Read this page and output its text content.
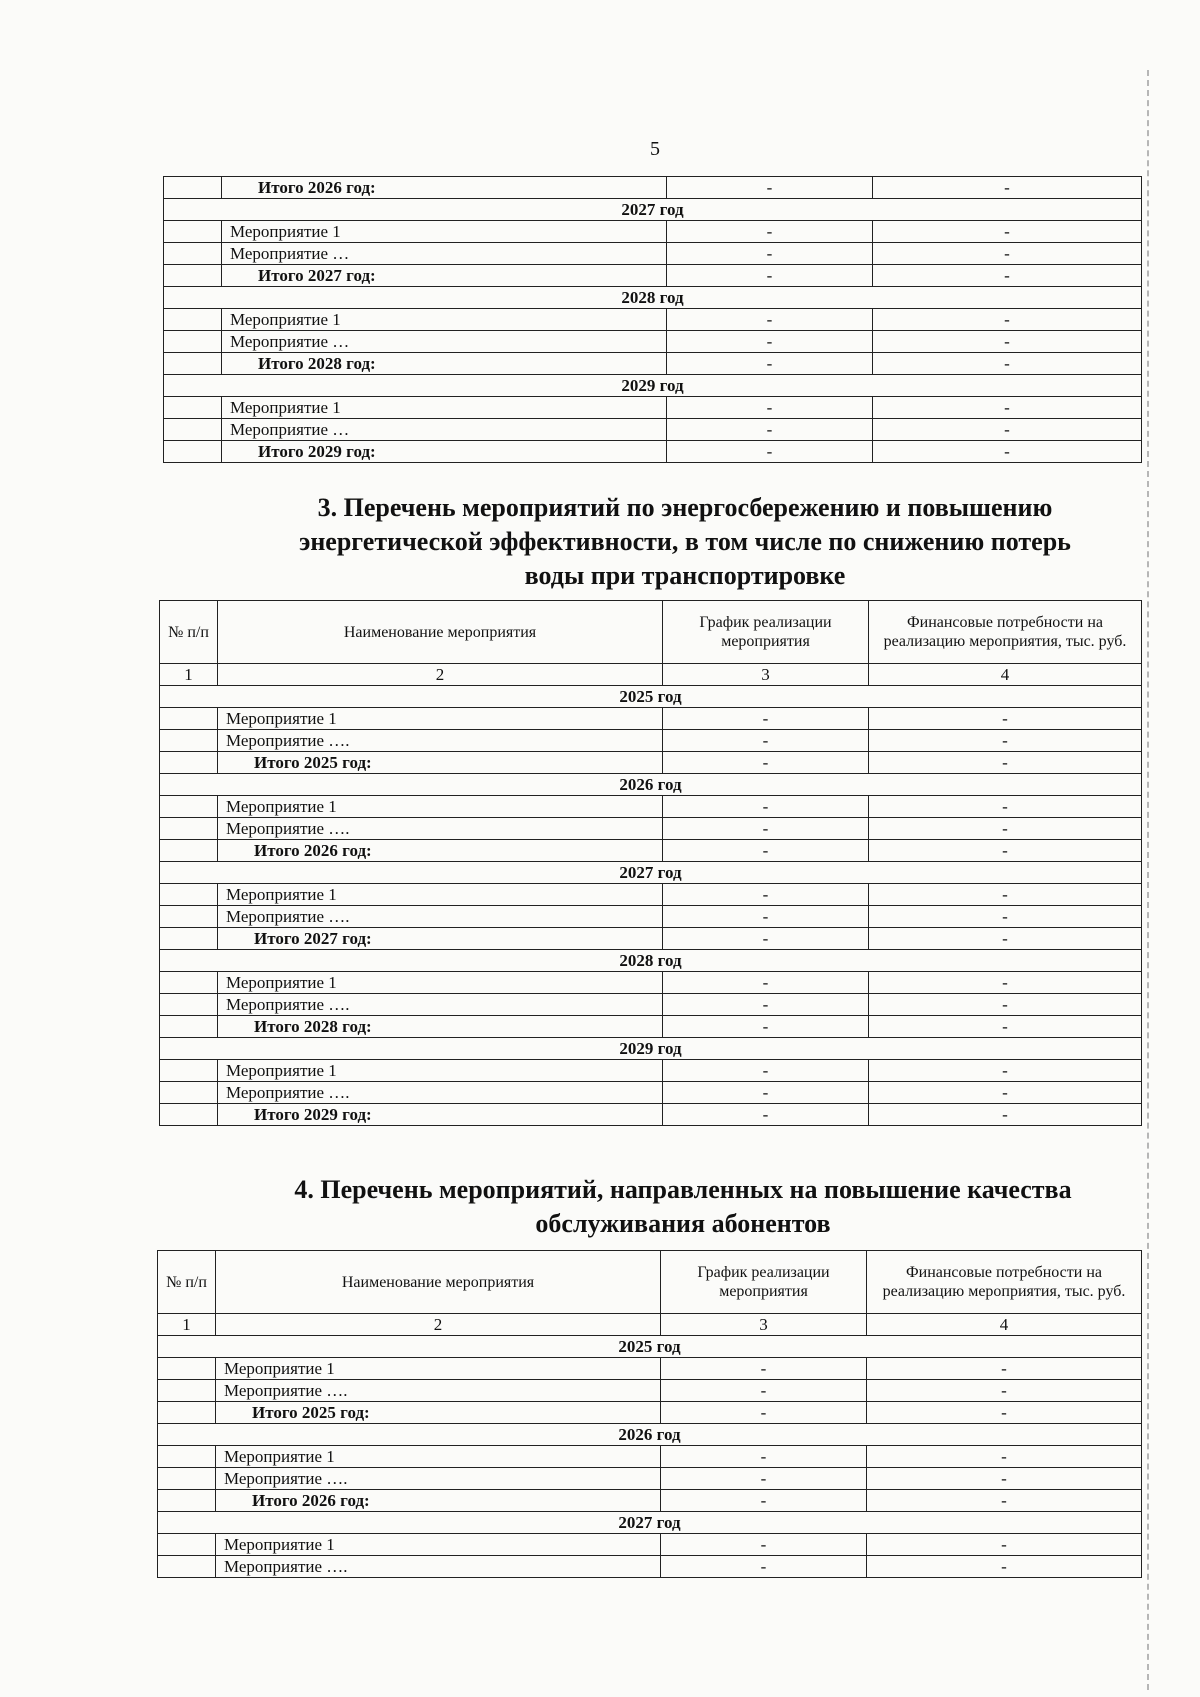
5
	Итого 2026 год:	-	-
2027 год			
	Мероприятие 1	-	-
	Мероприятие …	-	-
	Итого 2027 год:	-	-
2028 год			
	Мероприятие 1	-	-
	Мероприятие …	-	-
	Итого 2028 год:	-	-
2029 год			
	Мероприятие 1	-	-
	Мероприятие …	-	-
	Итого 2029 год:	-	-
3. Перечень мероприятий по энергосбережению и повышению энергетической эффективности, в том числе по снижению потерь воды при транспортировке
№ п/п	Наименование мероприятия	График реализации мероприятия	Финансовые потребности на реализацию мероприятия, тыс. руб.
1	2	3	4
2025 год			
	Мероприятие 1	-	-
	Мероприятие ….	-	-
	Итого 2025 год:	-	-
2026 год			
	Мероприятие 1	-	-
	Мероприятие ….	-	-
	Итого 2026 год:	-	-
2027 год			
	Мероприятие 1	-	-
	Мероприятие ….	-	-
	Итого 2027 год:	-	-
2028 год			
	Мероприятие 1	-	-
	Мероприятие ….	-	-
	Итого 2028 год:	-	-
2029 год			
	Мероприятие 1	-	-
	Мероприятие ….	-	-
	Итого 2029 год:	-	-
4. Перечень мероприятий, направленных на повышение качества обслуживания абонентов
№ п/п	Наименование мероприятия	График реализации мероприятия	Финансовые потребности на реализацию мероприятия, тыс. руб.
1	2	3	4
2025 год			
	Мероприятие 1	-	-
	Мероприятие ….	-	-
	Итого 2025 год:	-	-
2026 год			
	Мероприятие 1	-	-
	Мероприятие ….	-	-
	Итого 2026 год:	-	-
2027 год			
	Мероприятие 1	-	-
	Мероприятие ….	-	-
